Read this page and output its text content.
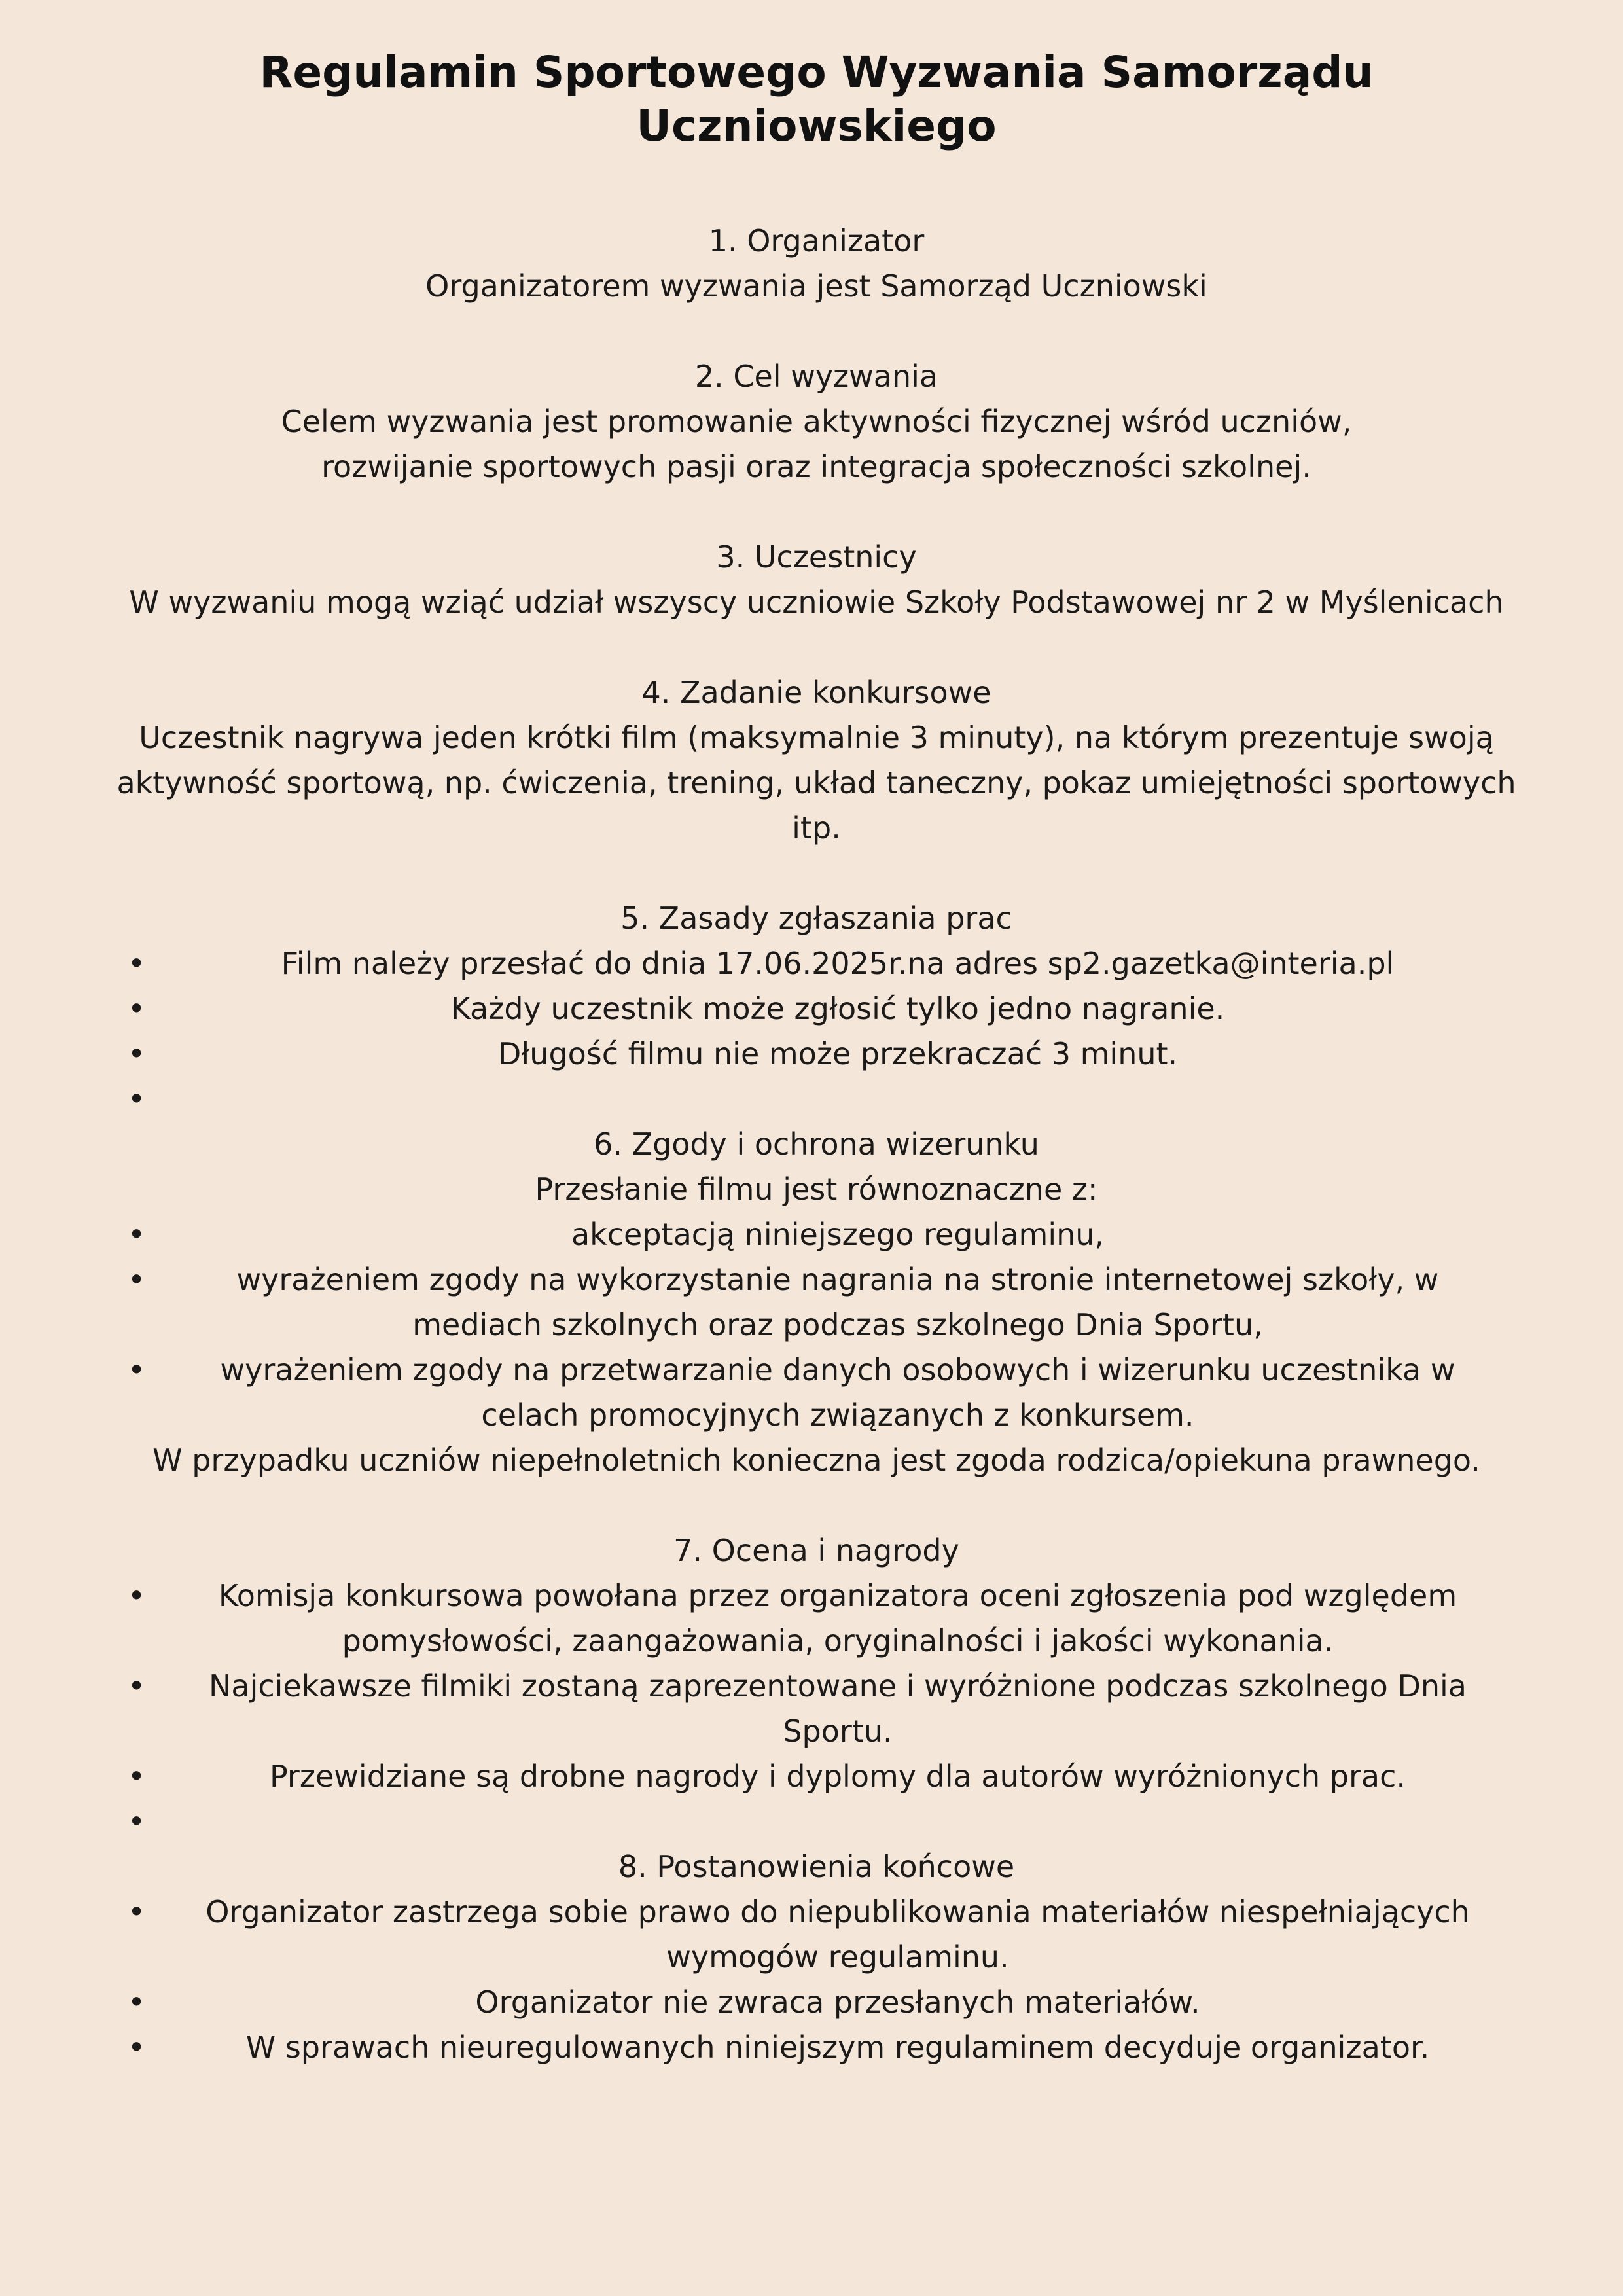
Regulamin Sportowego Wyzwania Samorządu Uczniowskiego
1. Organizator

Organizatorem wyzwania jest Samorząd Uczniowski

2. Cel wyzwania

Celem wyzwania jest promowanie aktywności fizycznej wśród uczniów, rozwijanie sportowych pasji oraz integracja społeczności szkolnej.

3. Uczestnicy

W wyzwaniu mogą wziąć udział wszyscy uczniowie Szkoły Podstawowej nr 2 w Myślenicach

4. Zadanie konkursowe

Uczestnik nagrywa jeden krótki film (maksymalnie 3 minuty), na którym prezentuje swoją aktywność sportową, np. ćwiczenia, trening, układ taneczny, pokaz umiejętności sportowych itp.

5. Zasady zgłaszania prac
•	Film należy przesłać do dnia 17.06.2025r.na adres sp2.gazetka@interia.pl
•	Każdy uczestnik może zgłosić tylko jedno nagranie.
•	Długość filmu nie może przekraczać 3 minut.
•
6. Zgody i ochrona wizerunku

Przesłanie filmu jest równoznaczne z:

•	akceptacją niniejszego regulaminu,
•	wyrażeniem zgody na wykorzystanie nagrania na stronie internetowej szkoły, w mediach szkolnych oraz podczas szkolnego Dnia Sportu,
•	wyrażeniem zgody na przetwarzanie danych osobowych i wizerunku uczestnika w celach promocyjnych związanych z konkursem.

W przypadku uczniów niepełnoletnich konieczna jest zgoda rodzica/opiekuna prawnego.

7. Ocena i nagrody
•	Komisja konkursowa powołana przez organizatora oceni zgłoszenia pod względem pomysłowości, zaangażowania, oryginalności i jakości wykonania.
•	Najciekawsze filmiki zostaną zaprezentowane i wyróżnione podczas szkolnego Dnia Sportu.
•	Przewidziane są drobne nagrody i dyplomy dla autorów wyróżnionych prac.
•
8. Postanowienia końcowe
•	Organizator zastrzega sobie prawo do niepublikowania materiałów niespełniających wymogów regulaminu.
•	Organizator nie zwraca przesłanych materiałów.
•	W sprawach nieuregulowanych niniejszym regulaminem decyduje organizator.
